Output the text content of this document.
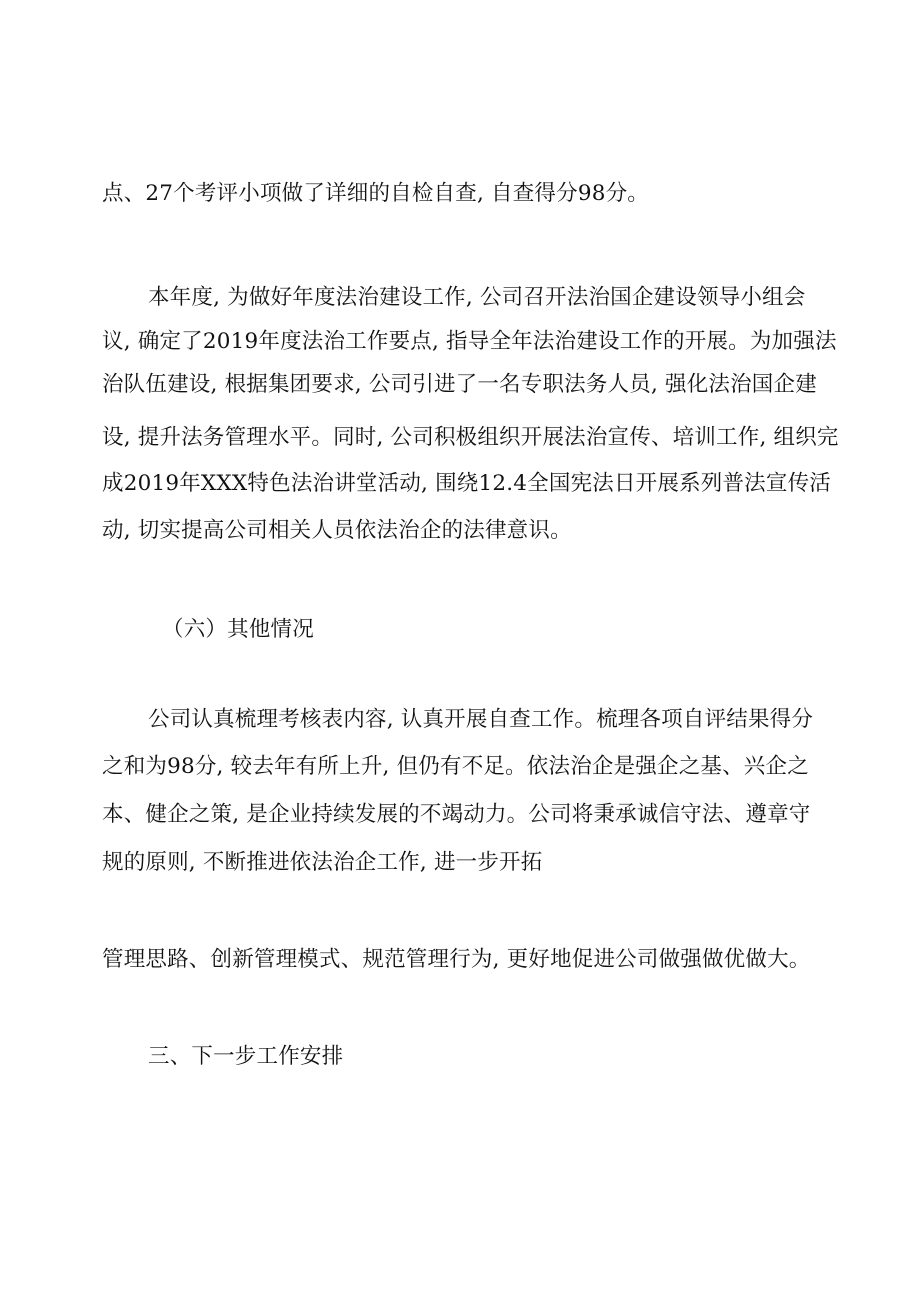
点、27个考评小项做了详细的自检自查, 自查得分98分。
本年度, 为做好年度法治建设工作, 公司召开法治国企建设领导小组会
议, 确定了2019年度法治工作要点, 指导全年法治建设工作的开展。为加强法
治队伍建设, 根据集团要求, 公司引进了一名专职法务人员, 强化法治国企建
设, 提升法务管理水平。同时, 公司积极组织开展法治宣传、培训工作, 组织完
成2019年XXX特色法治讲堂活动, 围绕12.4全国宪法日开展系列普法宣传活
动, 切实提高公司相关人员依法治企的法律意识。
（六）其他情况
公司认真梳理考核表内容, 认真开展自查工作。梳理各项自评结果得分
之和为98分, 较去年有所上升, 但仍有不足。依法治企是强企之基、兴企之
本、健企之策, 是企业持续发展的不竭动力。公司将秉承诚信守法、遵章守
规的原则, 不断推进依法治企工作, 进一步开拓
管理思路、创新管理模式、规范管理行为, 更好地促进公司做强做优做大。
三、下一步工作安排
